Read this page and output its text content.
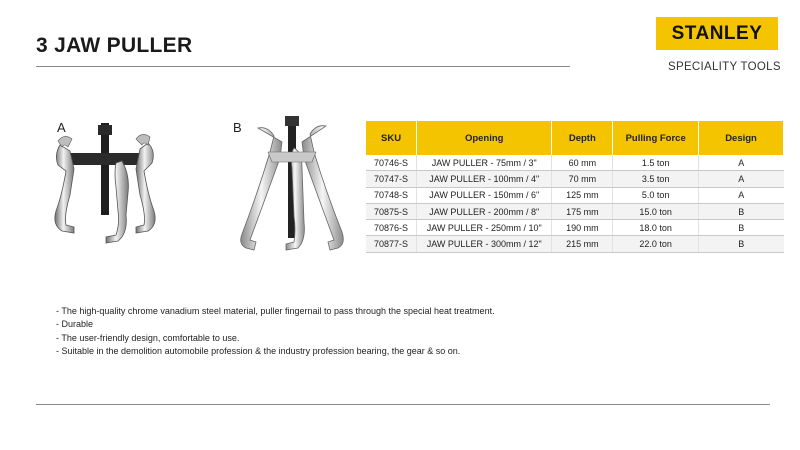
3 JAW PULLER
STANLEY
SPECIALITY TOOLS
A	B
SKU	Opening	Depth	Pulling Force	Design
70746-S	JAW PULLER - 75mm / 3"	60 mm	1.5 ton	A
70747-S	JAW PULLER - 100mm / 4"	70 mm	3.5 ton	A
70748-S	JAW PULLER - 150mm / 6"	125 mm	5.0 ton	A
70875-S	JAW PULLER - 200mm / 8"	175 mm	15.0 ton	B
70876-S	JAW PULLER - 250mm / 10"	190 mm	18.0 ton	B
70877-S	JAW PULLER - 300mm / 12"	215 mm	22.0 ton	B
- The high-quality chrome vanadium steel material, puller fingernail to pass through the special heat treatment.
- Durable
- The user-friendly design, comfortable to use.
- Suitable in the demolition automobile profession & the industry profession bearing, the gear & so on.
